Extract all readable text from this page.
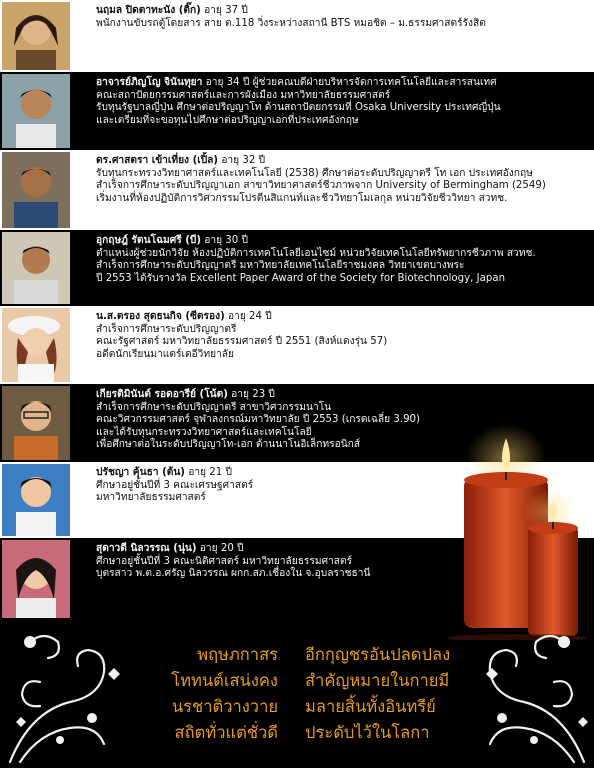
นฤมล ปิดตาทะนัง (ติ๊ก) อายุ 37 ปี
พนักงานขับรถตู้โดยสาร สาย ต.118 วิ่งระหว่างสถานี BTS หมอชิต – ม.ธรรมศาสตร์รังสิต
อาจารย์ภิญโญ จินันทุยา อายุ 34 ปี ผู้ช่วยคณบดีฝ่ายบริหารจัดการเทคโนโลยีและสารสนเทศ
คณะสถาปัตยกรรมศาสตร์และการผังเมือง มหาวิทยาลัยธรรมศาสตร์
รับทุนรัฐบาลญี่ปุ่น ศึกษาต่อปริญญาโท ด้านสถาปัตยกรรมที่ Osaka University ประเทศญี่ปุ่น
และเตรียมที่จะขอทุนไปศึกษาต่อปริญญาเอกที่ประเทศอังกฤษ
ดร.ศาสตรา เข้าเที่ยง (เปิ้ล) อายุ 32 ปี
รับทุนกระทรวงวิทยาศาสตร์และเทคโนโลยี (2538) ศึกษาต่อระดับปริญญาตรี โท เอก ประเทศอังกฤษ
สำเร็จการศึกษาระดับปริญญาเอก สาขาวิทยาศาสตร์ชีวภาพจาก University of Bermingham (2549)
เริ่มงานที่ห้องปฏิบัติการวิศวกรรมโปรตีนสิแกนท์และชีววิทยาโมเลกุล หน่วยวิจัยชีววิทยา สวทช.
อุกฤษฎ์ รัตนโฉมศรี (บี) อายุ 30 ปี
ตำแหน่งผู้ช่วยนักวิจัย ห้องปฏิบัติการเทคโนโลยีเอนไซม์ หน่วยวิจัยเทคโนโลยีทรัพยากรชีวภาพ สวทช.
สำเร็จการศึกษาระดับปริญญาตรี มหาวิทยาลัยเทคโนโลยีราชมงคล วิทยาเขตบางพระ
ปี 2553 ได้รับรางวัล Excellent Paper Award of the Society for Biotechnology, Japan
น.ส.ตรอง สุดธนกิจ (ซีตรอง) อายุ 24 ปี
สำเร็จการศึกษาระดับปริญญาตรี
คณะรัฐศาสตร์ มหาวิทยาลัยธรรมศาสตร์ ปี 2551 (สิงห์แดงรุ่น 57)
อดีตนักเรียนมาแตร์เดอีวิทยาลัย
เกียรติมินันต์ รอดอารีย์ (โน้ต) อายุ 23 ปี
สำเร็จการศึกษาระดับปริญญาตรี สาขาวิศวกรรมนาโน
คณะวิศวกรรมศาสตร์ จุฬาลงกรณ์มหาวิทยาลัย ปี 2553 (เกรดเฉลี่ย 3.90)
และได้รับทุนกระทรวงวิทยาศาสตร์และเทคโนโลยี
เพื่อศึกษาต่อในระดับปริญญาโท-เอก ด้านนาโนอิเล็กทรอนิกส์
ปรัชญา คุ้นธา (ต้น) อายุ 21 ปี
ศึกษาอยู่ชั้นปีที่ 3 คณะเศรษฐศาสตร์
มหาวิทยาลัยธรรมศาสตร์
สุดาวดี นิลวรรณ (นุ่น) อายุ 20 ปี
ศึกษาอยู่ชั้นปีที่ 3 คณะนิติศาสตร์ มหาวิทยาลัยธรรมศาสตร์
บุตรสาว พ.ต.อ.ศรัญ นิลวรรณ ผกก.สภ.เชื่องใน จ.อุบลราชธานี
พฤษภกาสร
โททนต์เสน่งคง
นรชาติวางวาย
สถิตทั่วแต่ชั่วดี
อีกกุญชรอันปลดปลง
สำคัญหมายในกายมี
มลายสิ้นทั้งอินทรีย์
ประดับไว้ในโลกา
